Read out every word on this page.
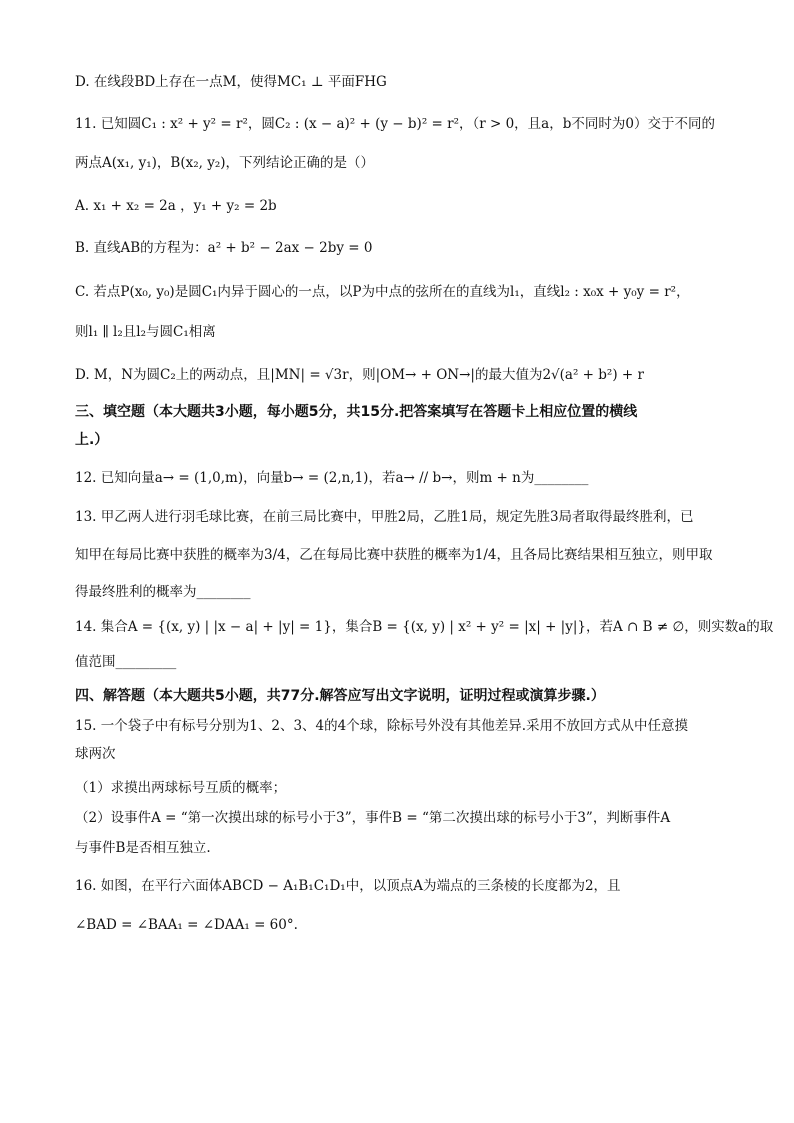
D. 在线段BD上存在一点M，使得MC₁ ⊥ 平面FHG
11. 已知圆C₁ : x² + y² = r²，圆C₂ : (x − a)² + (y − b)² = r²，（r > 0，且a，b不同时为0）交于不同的
两点A(x₁, y₁)，B(x₂, y₂)，下列结论正确的是（）
A. x₁ + x₂ = 2a ，y₁ + y₂ = 2b
B. 直线AB的方程为：a² + b² − 2ax − 2by = 0
C. 若点P(x₀, y₀)是圆C₁内异于圆心的一点，以P为中点的弦所在的直线为l₁，直线l₂ : x₀x + y₀y = r²，
则l₁ ∥ l₂且l₂与圆C₁相离
D. M，N为圆C₂上的两动点，且|MN| = √3r，则|OM→ + ON→|的最大值为2√(a² + b²) + r
三、填空题（本大题共3小题，每小题5分，共15分.把答案填写在答题卡上相应位置的横线
上.）
12. 已知向量a→ = (1,0,m)，向量b→ = (2,n,1)，若a→ // b→，则m + n为________
13. 甲乙两人进行羽毛球比赛，在前三局比赛中，甲胜2局，乙胜1局，规定先胜3局者取得最终胜利，已
知甲在每局比赛中获胜的概率为3/4，乙在每局比赛中获胜的概率为1/4，且各局比赛结果相互独立，则甲取
得最终胜利的概率为________
14. 集合A = {(x, y) | |x − a| + |y| = 1}，集合B = {(x, y) | x² + y² = |x| + |y|}，若A ∩ B ≠ ∅，则实数a的取
值范围_________
四、解答题（本大题共5小题，共77分.解答应写出文字说明，证明过程或演算步骤.）
15. 一个袋子中有标号分别为1、2、3、4的4个球，除标号外没有其他差异.采用不放回方式从中任意摸
球两次
（1）求摸出两球标号互质的概率；
（2）设事件A = “第一次摸出球的标号小于3”，事件B = “第二次摸出球的标号小于3”，判断事件A
与事件B是否相互独立.
16. 如图，在平行六面体ABCD − A₁B₁C₁D₁中，以顶点A为端点的三条棱的长度都为2，且
∠BAD = ∠BAA₁ = ∠DAA₁ = 60°.
